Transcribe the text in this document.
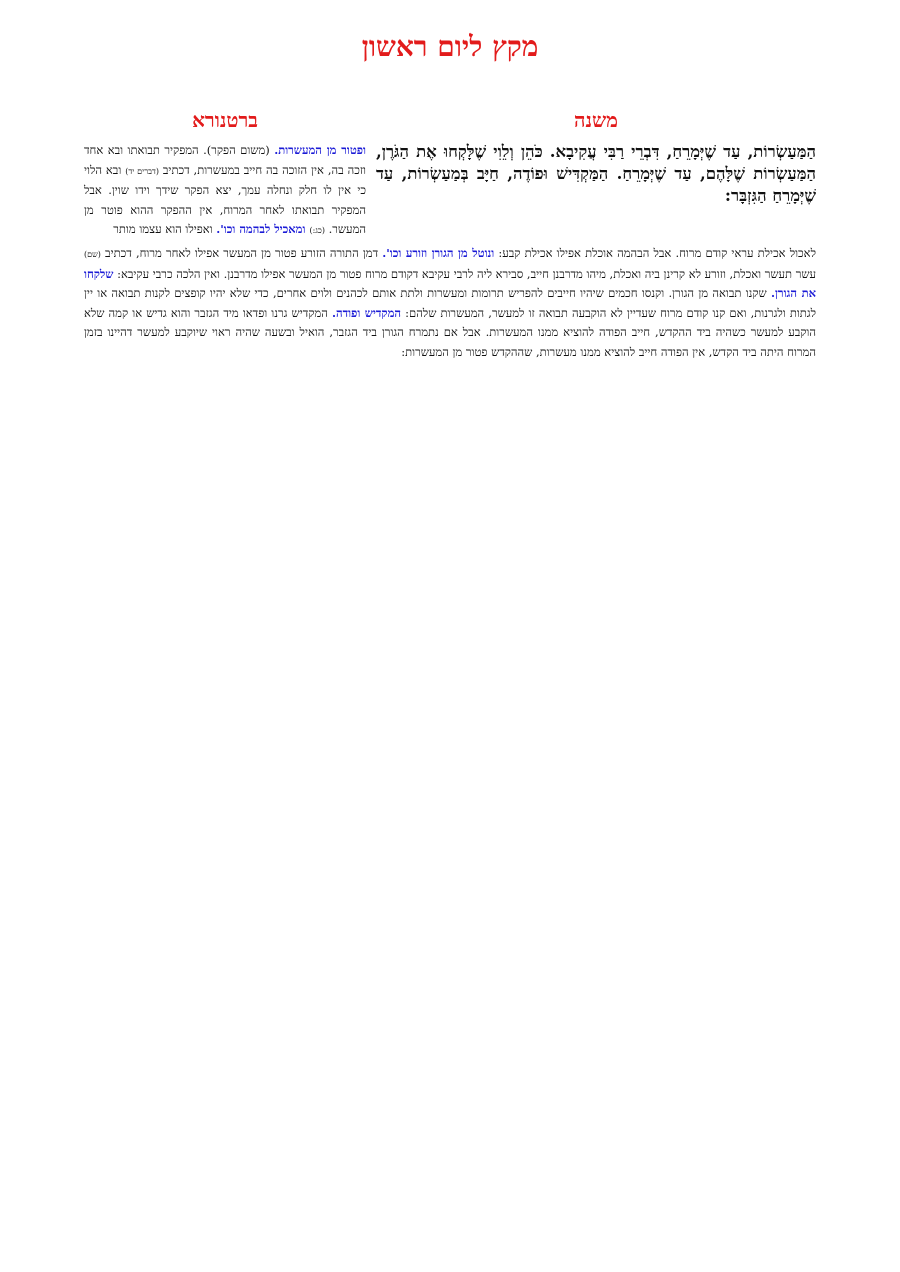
מקץ ליום ראשון
משנה

הַמַּעַשְׂרוֹת, עַד שֶׁיְּמָרֵחַ, דִּבְרֵי רַבִּי עֲקִיבָא. כֹּהֵן וְלֵוִי שֶׁלָּקְחוּ אֶת הַגֹּרֶן, הַמַּעַשְׂרוֹת שֶׁלָּהֶם, עַד שֶׁיְּמָרֵחַ. הַמַּקְדִּישׁ וּפוֹדֶה, חַיָּב בְּמַעַשְׂרוֹת, עַד שֶׁיְּמָרֵחַ הַגִּזְבָּר:

ברטנורא

ופטור מן המעשרות. (משום הפקר). המפקיר תבואתו ובא אחד וזכה בה, אין הזוכה בה חייב במעשרות, דכתיב (דברים יד) ובא הלוי כי אין לו חלק ונחלה עמך, יצא הפקר שידך וידו שוין. אבל המפקיר תבואתו לאחר המרוח, אין ההפקר ההוא פוטר מן המעשר. (כג:) ומאכיל לבהמה וכו'. ואפילו הוא עצמו מותר

לאכול אכילת עראי קודם מרוח. אבל הבהמה אוכלת אפילו אכילת קבע: ונוטל מן הגורן וזורע וכו'. דמן התורה הזורע פטור מן המעשר אפילו לאחר מרוח, דכתיב (שם) עשר תעשר ואכלת, וזורע לא קרינן ביה ואכלת, מיהו מדרבנן חייב, סבירא ליה לרבי עקיבא דקודם מרוח פטור מן המעשר אפילו מדרבנן. ואין הלכה כרבי עקיבא: שלקחו את הגורן. שקנו תבואה מן הגורן. וקנסו חכמים שיהיו חייבים להפריש תרומות ומעשרות ולתת אותם לכהנים ולוים אחרים, כדי שלא יהיו קופצים לקנות תבואה או יין לגתות ולגרנות, ואם קנו קודם מרוח שעדיין לא הוקבעה תבואה זו למעשר, המעשרות שלהם: המקדיש ופודה. המקדיש גרנו ופדאו מיד הגזבר והוא גדיש או קמה שלא הוקבע למעשר כשהיה ביד ההקדש, חייב הפודה להוציא ממנו המעשרות. אבל אם נתמרח הגורן ביד הגזבר, הואיל ובשעה שהיה ראוי שיוקבע למעשר דהיינו בזמן המרוח היתה ביד הקדש, אין הפודה חייב להוציא ממנו מעשרות, שההקדש פטור מן המעשרות:
